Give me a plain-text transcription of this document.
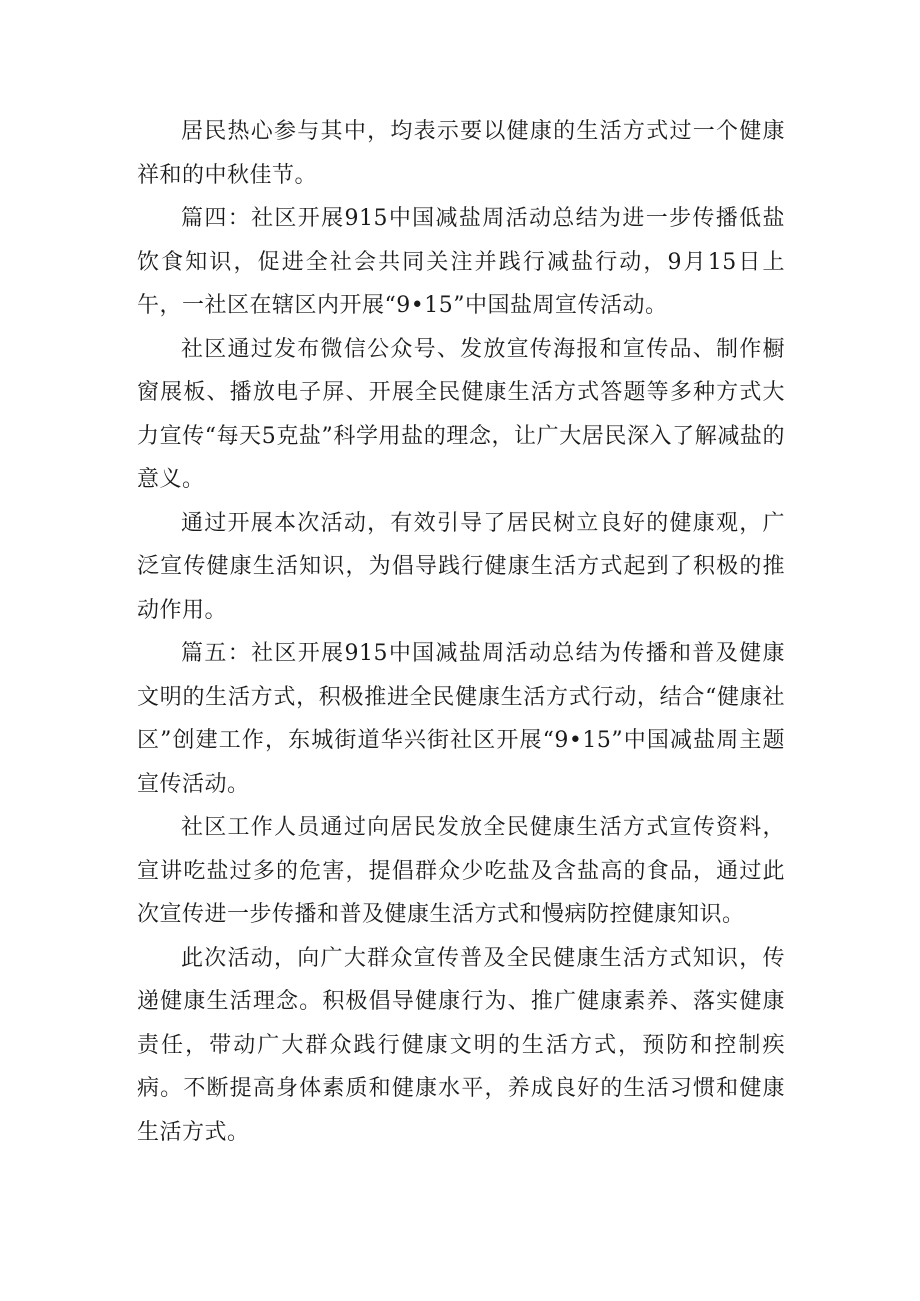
居民热心参与其中，均表示要以健康的生活方式过一个健康祥和的中秋佳节。

篇四：社区开展915中国减盐周活动总结为进一步传播低盐饮食知识，促进全社会共同关注并践行减盐行动，9月15日上午，一社区在辖区内开展“9•15”中国盐周宣传活动。

社区通过发布微信公众号、发放宣传海报和宣传品、制作橱窗展板、播放电子屏、开展全民健康生活方式答题等多种方式大力宣传“每天5克盐”科学用盐的理念，让广大居民深入了解减盐的意义。

通过开展本次活动，有效引导了居民树立良好的健康观，广泛宣传健康生活知识，为倡导践行健康生活方式起到了积极的推动作用。

篇五：社区开展915中国减盐周活动总结为传播和普及健康文明的生活方式，积极推进全民健康生活方式行动，结合“健康社区”创建工作，东城街道华兴街社区开展“9•15”中国减盐周主题宣传活动。

社区工作人员通过向居民发放全民健康生活方式宣传资料，宣讲吃盐过多的危害，提倡群众少吃盐及含盐高的食品，通过此次宣传进一步传播和普及健康生活方式和慢病防控健康知识。

此次活动，向广大群众宣传普及全民健康生活方式知识，传递健康生活理念。积极倡导健康行为、推广健康素养、落实健康责任，带动广大群众践行健康文明的生活方式，预防和控制疾病。不断提高身体素质和健康水平，养成良好的生活习惯和健康生活方式。
